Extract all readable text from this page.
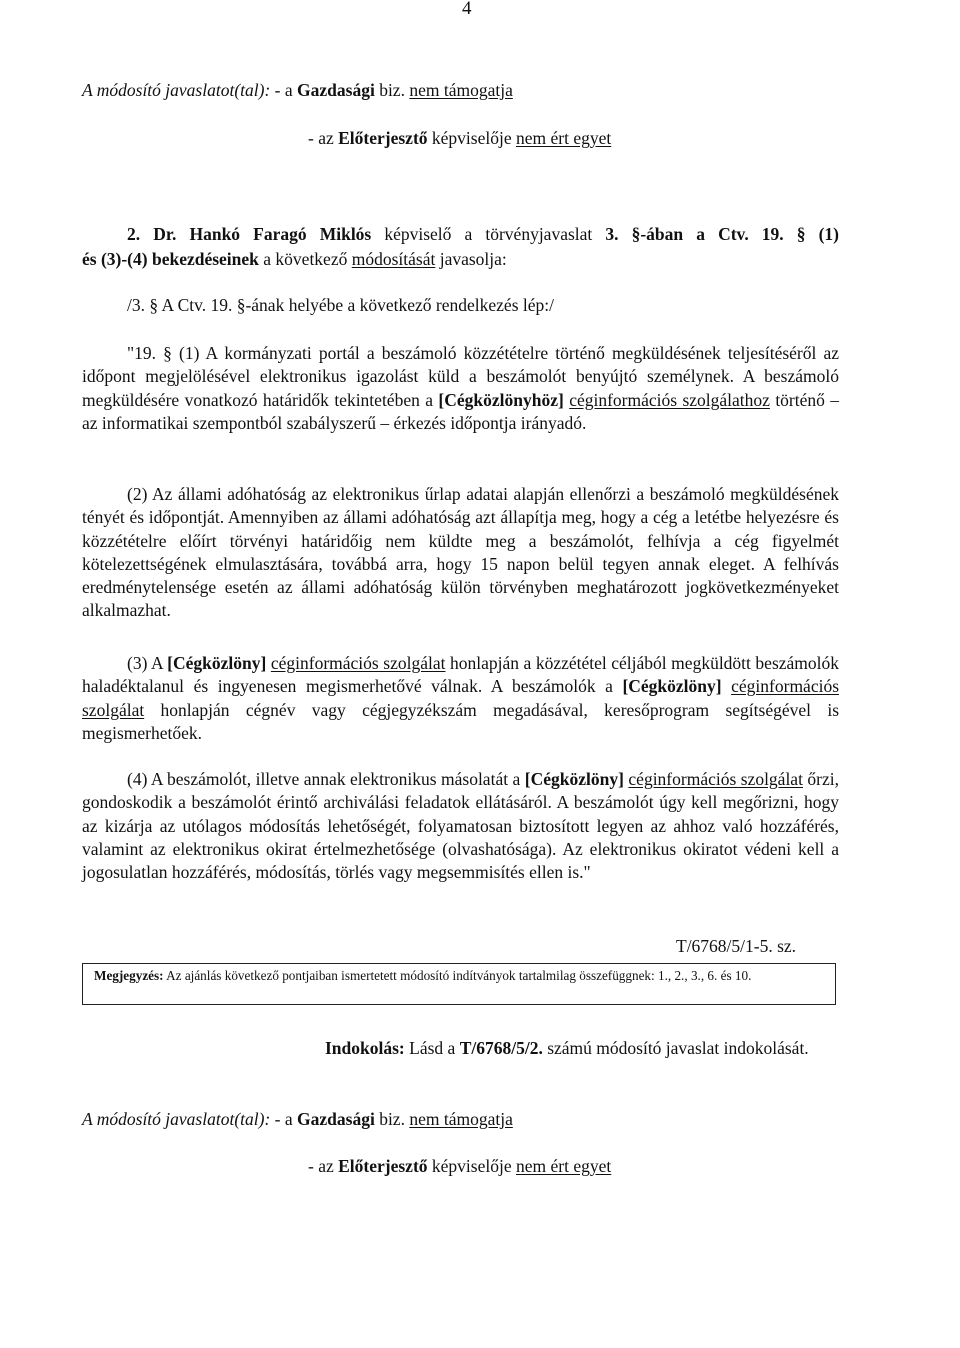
4
A módosító javaslatot(tal): - a Gazdasági biz. nem támogatja
- az Előterjesztő képviselője nem ért egyet
2. Dr. Hankó Faragó Miklós képviselő a törvényjavaslat 3. §-ában a Ctv. 19. § (1)
és (3)-(4) bekezdéseinek a következő módosítását javasolja:
/3. § A Ctv. 19. §-ának helyébe a következő rendelkezés lép:/
"19. § (1) A kormányzati portál a beszámoló közzétételre történő megküldésének teljesítéséről az időpont megjelölésével elektronikus igazolást küld a beszámolót benyújtó személynek. A beszámoló megküldésére vonatkozó határidők tekintetében a [Cégközlönyhöz] céginformációs szolgálathoz történő – az informatikai szempontból szabályszerű – érkezés időpontja irányadó.
(2) Az állami adóhatóság az elektronikus űrlap adatai alapján ellenőrzi a beszámoló megküldésének tényét és időpontját. Amennyiben az állami adóhatóság azt állapítja meg, hogy a cég a letétbe helyezésre és közzétételre előírt törvényi határidőig nem küldte meg a beszámolót, felhívja a cég figyelmét kötelezettségének elmulasztására, továbbá arra, hogy 15 napon belül tegyen annak eleget. A felhívás eredménytelensége esetén az állami adóhatóság külön törvényben meghatározott jogkövetkezményeket alkalmazhat.
(3) A [Cégközlöny] céginformációs szolgálat honlapján a közzététel céljából megküldött beszámolók haladéktalanul és ingyenesen megismerhetővé válnak. A beszámolók a [Cégközlöny] céginformációs szolgálat honlapján cégnév vagy cégjegyzékszám megadásával, keresőprogram segítségével is megismerhetőek.
(4) A beszámolót, illetve annak elektronikus másolatát a [Cégközlöny] céginformációs szolgálat őrzi, gondoskodik a beszámolót érintő archiválási feladatok ellátásáról. A beszámolót úgy kell megőrizni, hogy az kizárja az utólagos módosítás lehetőségét, folyamatosan biztosított legyen az ahhoz való hozzáférés, valamint az elektronikus okirat értelmezhetősége (olvashatósága). Az elektronikus okiratot védeni kell a jogosulatlan hozzáférés, módosítás, törlés vagy megsemmisítés ellen is."
T/6768/5/1-5. sz.
Megjegyzés: Az ajánlás következő pontjaiban ismertetett módosító indítványok tartalmilag összefüggnek: 1., 2., 3., 6. és 10.
Indokolás: Lásd a T/6768/5/2. számú módosító javaslat indokolását.
A módosító javaslatot(tal): - a Gazdasági biz. nem támogatja
- az Előterjesztő képviselője nem ért egyet
